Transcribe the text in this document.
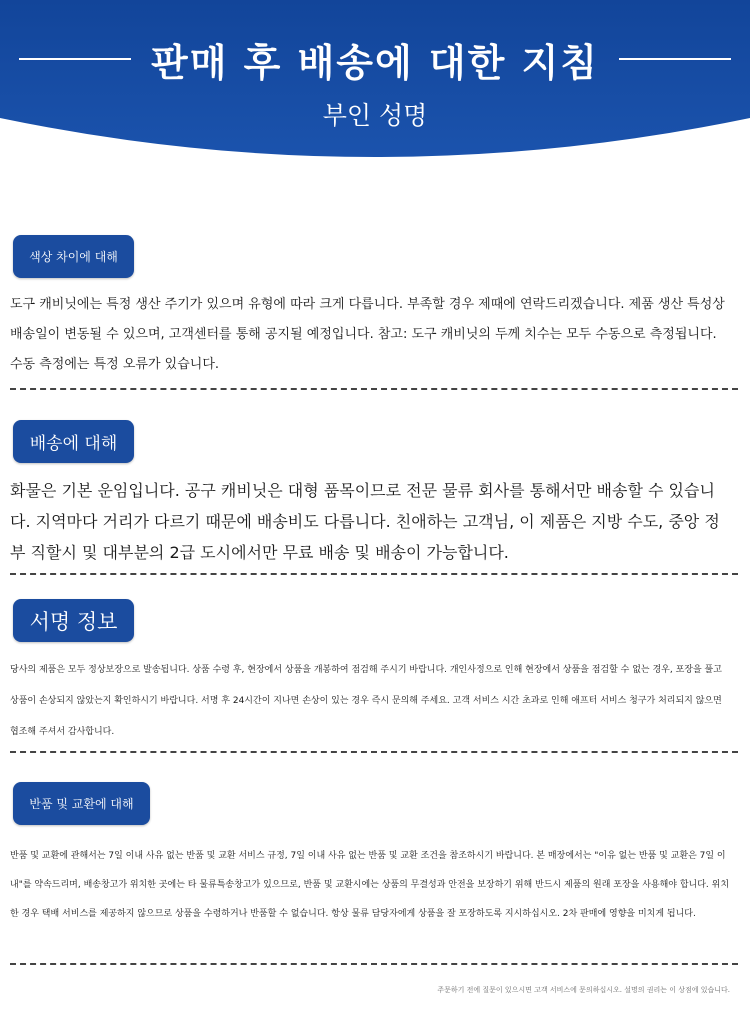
판매 후 배송에 대한 지침
부인 성명
색상 차이에 대해

도구 캐비닛에는 특정 생산 주기가 있으며 유형에 따라 크게 다릅니다. 부족할 경우 제때에 연락드리겠습니다. 제품 생산 특성상 배송일이 변동될 수 있으며, 고객센터를 통해 공지될 예정입니다. 참고: 도구 캐비닛의 두께 치수는 모두 수동으로 측정됩니다. 수동 측정에는 특정 오류가 있습니다.

배송에 대해

화물은 기본 운임입니다. 공구 캐비닛은 대형 품목이므로 전문 물류 회사를 통해서만 배송할 수 있습니다. 지역마다 거리가 다르기 때문에 배송비도 다릅니다. 친애하는 고객님, 이 제품은 지방 수도, 중앙 정부 직할시 및 대부분의 2급 도시에서만 무료 배송 및 배송이 가능합니다.

서명 정보

당사의 제품은 모두 정상보장으로 발송됩니다. 상품 수령 후, 현장에서 상품을 개봉하여 점검해 주시기 바랍니다. 개인사정으로 인해 현장에서 상품을 점검할 수 없는 경우, 포장을 풀고 상품이 손상되지 않았는지 확인하시기 바랍니다. 서명 후 24시간이 지나면 손상이 있는 경우 즉시 문의해 주세요. 고객 서비스 시간 초과로 인해 애프터 서비스 청구가 처리되지 않으면 협조해 주셔서 감사합니다.

반품 및 교환에 대해

반품 및 교환에 관해서는 7일 이내 사유 없는 반품 및 교환 서비스 규정, 7일 이내 사유 없는 반품 및 교환 조건을 참조하시기 바랍니다. 본 매장에서는 "이유 없는 반품 및 교환은 7일 이내"를 약속드리며, 배송창고가 위치한 곳에는 타 물류특송창고가 있으므로, 반품 및 교환시에는 상품의 무결성과 안전을 보장하기 위해 반드시 제품의 원래 포장을 사용해야 합니다. 위치한 경우 택배 서비스를 제공하지 않으므로 상품을 수령하거나 반품할 수 없습니다. 항상 물류 담당자에게 상품을 잘 포장하도록 지시하십시오. 2차 판매에 영향을 미치게 됩니다.

주문하기 전에 질문이 있으시면 고객 서비스에 문의하십시오. 설명의 권리는 이 상점에 있습니다.
